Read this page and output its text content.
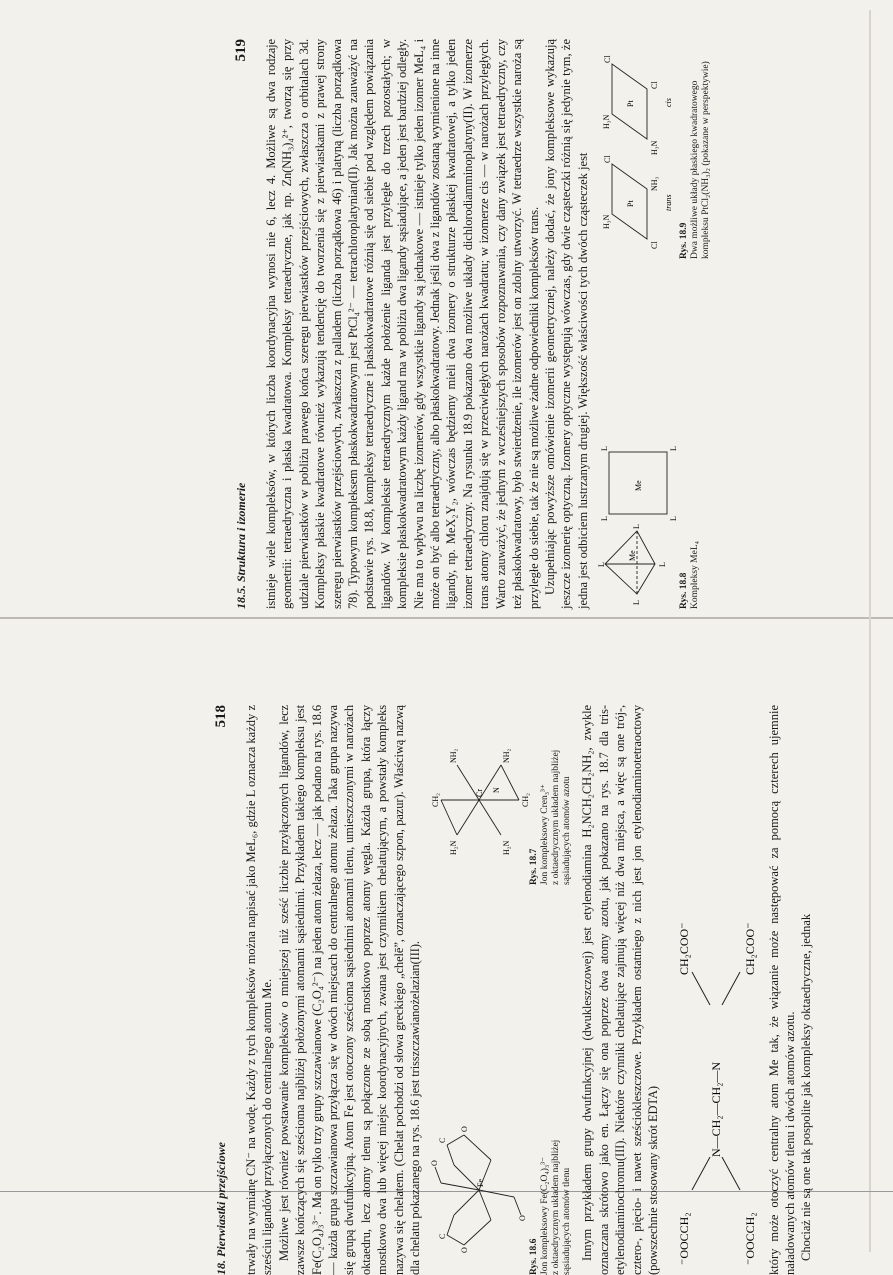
18. Pierwiastki przejściowe
518 trwały na wymianę CN⁻ na wodę. Każdy z tych kompleksów można napisać jako MeL₆, gdzie L oznacza każdy z sześciu ligandów przyłączonych do centralnego atomu Me. Możliwe jest również powstawanie kompleksów o mniejszej niż sześć liczbie przyłączonych ligandów, lecz zawsze kończących się sześcioma najbliżej położonymi atomami sąsiednimi. Przykładem takiego kompleksu jest Fe(C₂O₄)₃³⁻. Ma on tylko trzy grupy szczawianowe (C₂O₄²⁻) na jeden atom żelaza, lecz — jak podano na rys. 18.6 — każda grupa szczawianowa przyłącza się w dwóch miejscach do centralnego atomu żelaza. Taka grupa nazywa się grupą dwufunkcyjną. Atom Fe jest otoczony sześcioma sąsiednimi atomami tlenu, umieszczonymi w narożach oktaedru, lecz atomy tlenu są połączone ze sobą mostkowo poprzez atomy węgla. Każda grupa, która łączy mostkowo dwa lub więcej miejsc koordynacyjnych, zwana jest czynnikiem chelatującym, a powstały kompleks nazywa się chelatem. (Chelat pochodzi od słowa greckiego „chelē”, oznaczającego szpon, pazur). Właściwą nazwą dla chelatu pokazanego na rys. 18.6 jest trisszczawianożelazian(III).	Fe
C
C
O
O
O
O
Rys. 18.6 Jon kompleksowy Fe(C₂O₄)₃³⁻ z oktaedrycznym układem najbliżej sąsiadujących atomów tlenu
Cr
H₂N
NH₂
H₂N
NH₂
CH₂	CH₂
N
Rys. 18.7 Jon kompleksowy Cren₃³⁺ z oktaedrycznym układem najbliżej sąsiadujących atomów azotu Innym przykładem grupy dwufunkcyjnej (dwukleszczowej) jest etylenodiamina H₂NCH₂CH₂NH₂, zwykle oznaczana skrótowo jako en. Łączy się ona poprzez dwa atomy azotu, jak pokazano na rys. 18.7 dla tris-etylenodiaminochromu(III). Niektóre czynniki chelatujące zajmują więcej niż dwa miejsca, a więc są one trój-, cztero-, pięcio- i nawet sześciokleszczowe. Przykładem ostatniego z nich jest jon etylenodiaminotetraoctowy (powszechnie stosowany skrót EDTA) ⁻OOCCH₂	⁻OOCCH₂
N—CH₂—CH₂—N
CH₂COO⁻	CH₂COO⁻ który może otoczyć centralny atom Me tak, że wiązanie może następować za pomocą czterech ujemnie naładowanych atomów tlenu i dwóch atomów azotu. Chociaż nie są one tak pospolite jak kompleksy oktaedryczne, jednak

18.5. Struktura i izomerie
519 istnieje wiele kompleksów, w których liczba koordynacyjna wynosi nie 6, lecz 4. Możliwe są dwa rodzaje geometrii: tetraedryczna i płaska kwadratowa. Kompleksy tetraedryczne, jak np. Zn(NH₃)₄²⁺, tworzą się przy udziale pierwiastków w pobliżu prawego końca szeregu pierwiastków przejściowych, zwłaszcza o orbitalach 3d. Kompleksy płaskie kwadratowe również wykazują tendencję do tworzenia się z pierwiastkami z prawej strony szeregu pierwiastków przejściowych, zwłaszcza z palladem (liczba porządkowa 46) i platyną (liczba porządkowa 78). Typowym kompleksem płaskokwadratowym jest PtCl₄²⁻ — tetrachloroplatynian(II). Jak można zauważyć na podstawie rys. 18.8, kompleksy tetraedryczne i płaskokwadratowe różnią się od siebie pod względem powiązania ligandów. W kompleksie tetraedrycznym każde położenie liganda jest przyległe do trzech pozostałych; w kompleksie płaskokwadratowym każdy ligand ma w pobliżu dwa ligandy sąsiadujące, a jeden jest bardziej odległy. Nie ma to wpływu na liczbę izomerów, gdy wszystkie ligandy są jednakowe — istnieje tylko jeden izomer MeL₄ i może on być albo tetraedryczny, albo płaskokwadratowy. Jednak jeśli dwa z ligandów zostaną wymienione na inne ligandy, np. MeX₂Y₂, wówczas będziemy mieli dwa izomery o strukturze płaskiej kwadratowej, a tylko jeden izomer tetraedryczny. Na rysunku 18.9 pokazano dwa możliwe układy dichlorodiamminoplatyny(II). W izomerze trans atomy chloru znajdują się w przeciwległych narożach kwadratu; w izomerze cis — w narożach przyległych. Warto zauważyć, że jednym z wcześniejszych sposobów rozpoznawania, czy dany związek jest tetraedryczny, czy też płaskokwadratowy, było stwierdzenie, ile izomerów jest on zdolny utworzyć. W tetraedrze wszystkie naroża są przyległe do siebie, tak że nie są możliwe żadne odpowiedniki kompleksów trans. Uzupełniając powyższe omówienie izomerii geometrycznej, należy dodać, że jony kompleksowe wykazują jeszcze izomerię optyczną. Izomery optyczne występują wówczas, gdy dwie cząsteczki różnią się jedynie tym, że jedna jest odbiciem lustrzanym drugiej. Większość właściwości tych dwóch cząsteczek jest	Me
Me
L
L
L
L
L
L
L
L
Rys. 18.8 Kompleksy MeL₄
Pt
Pt
H₃N
Cl
Cl
NH₃
H₃N
Cl
H₃N
Cl
trans
cis
Rys. 18.9 Dwa możliwe układy płaskiego kwadratowego kompleksu PtCl₂(NH₃)₂ (pokazane w perspektywie)
